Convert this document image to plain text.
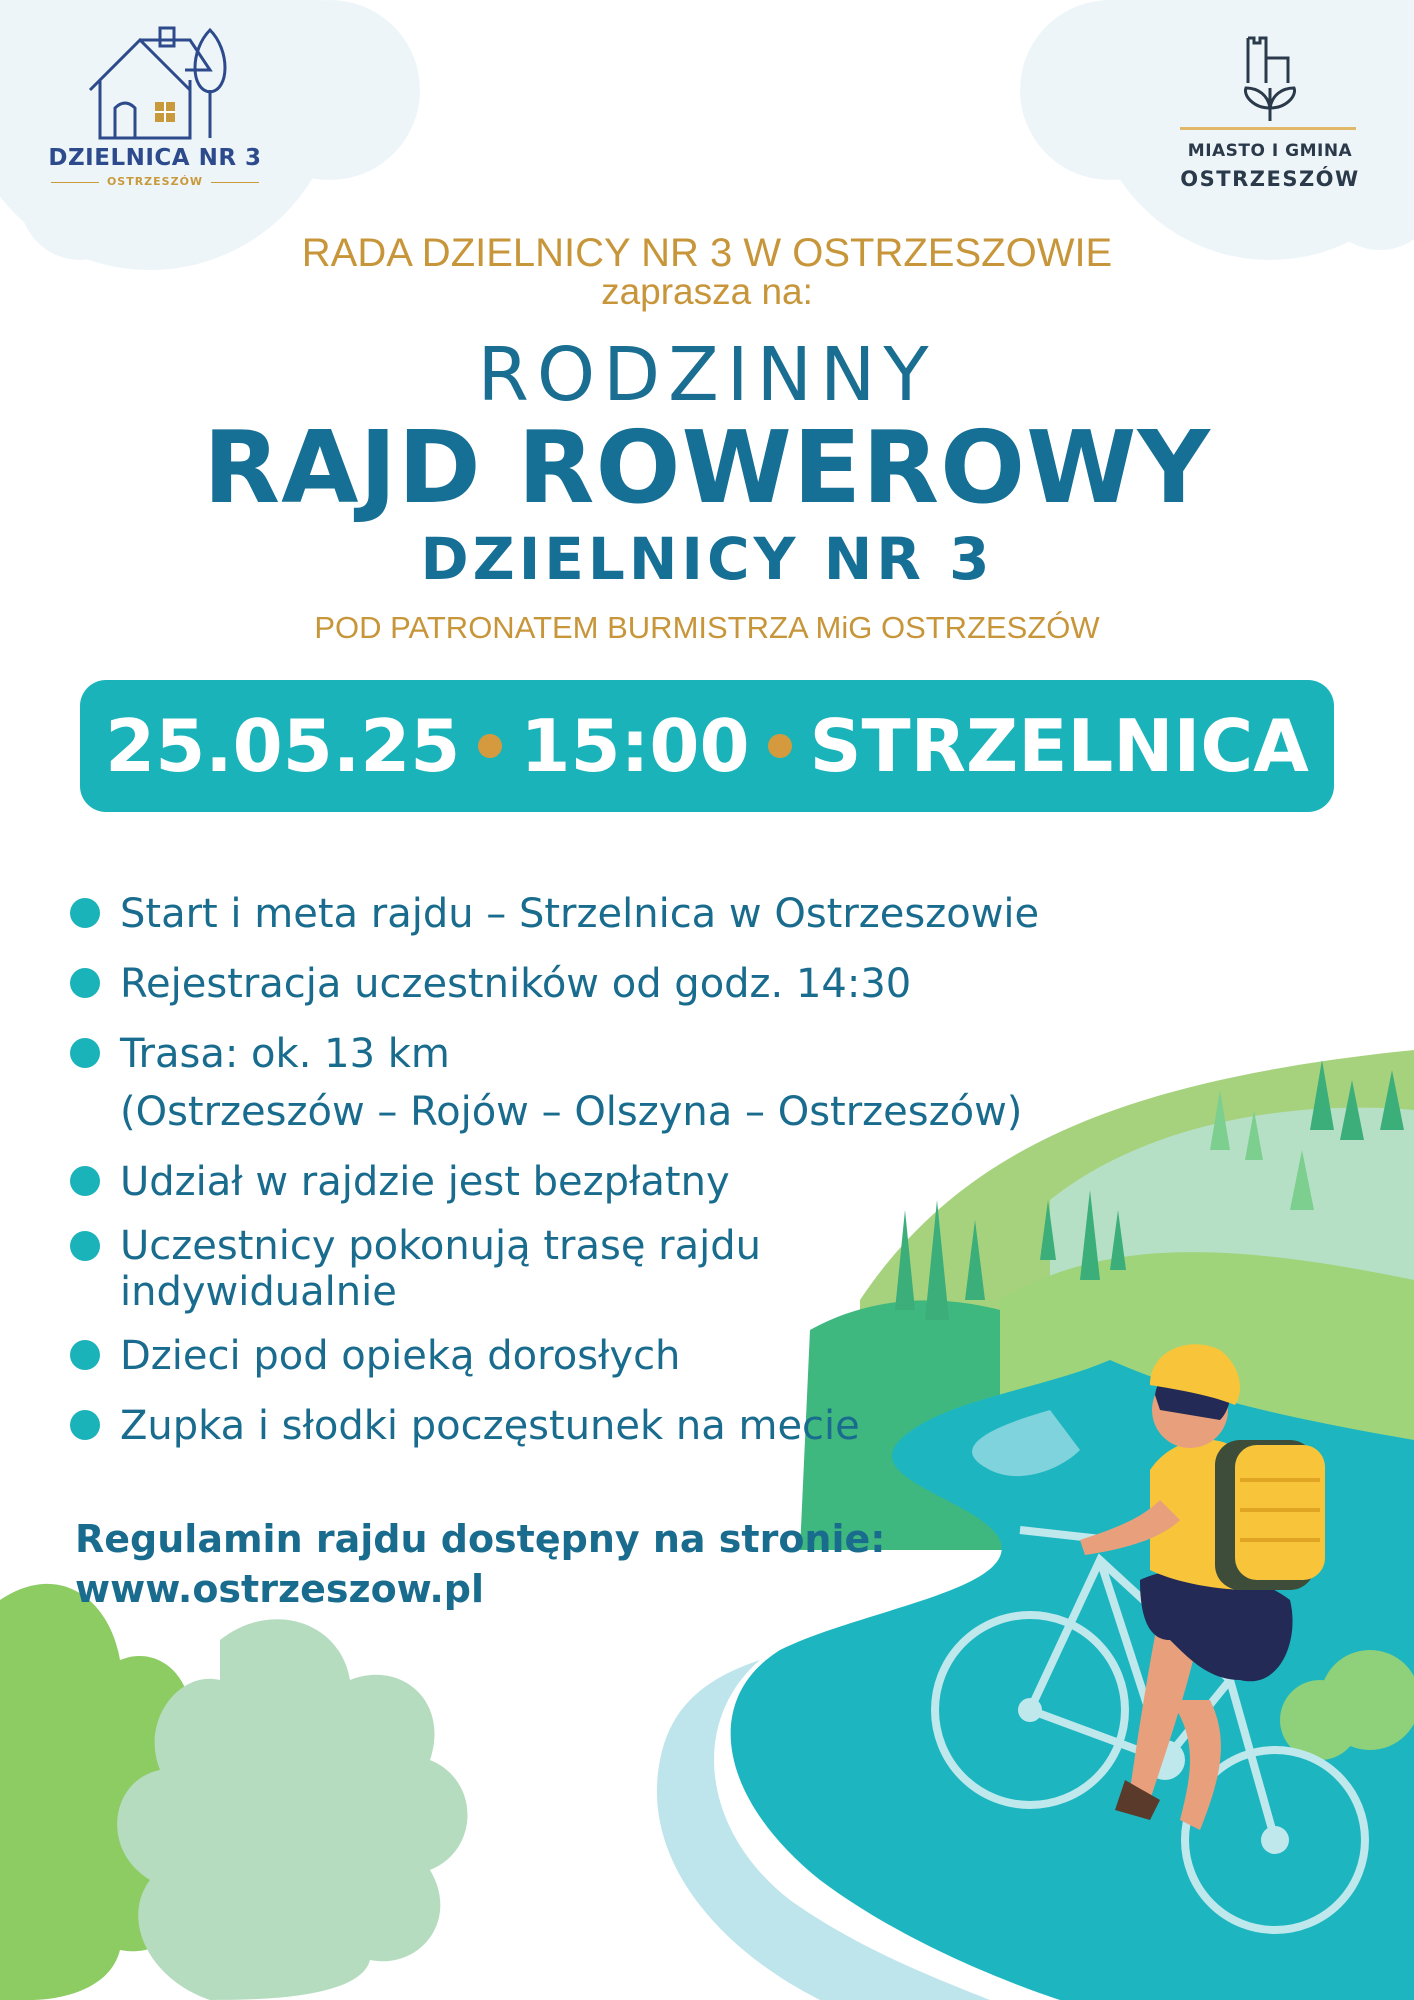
DZIELNICA NR 3
OSTRZESZÓW
MIASTO I GMINA
OSTRZESZÓW
RADA DZIELNICY NR 3 W OSTRZESZOWIE
zaprasza na:
RODZINNY
RAJD ROWEROWY
DZIELNICY NR 3
POD PATRONATEM BURMISTRZA MiG OSTRZESZÓW
25.05.25 15:00 STRZELNICA
Start i meta rajdu – Strzelnica w Ostrzeszowie
Rejestracja uczestników od godz. 14:30
Trasa: ok. 13 km
(Ostrzeszów – Rojów – Olszyna – Ostrzeszów)
Udział w rajdzie jest bezpłatny
Uczestnicy pokonują trasę rajdu
indywidualnie
Dzieci pod opieką dorosłych
Zupka i słodki poczęstunek na mecie
Regulamin rajdu dostępny na stronie:
www.ostrzeszow.pl
